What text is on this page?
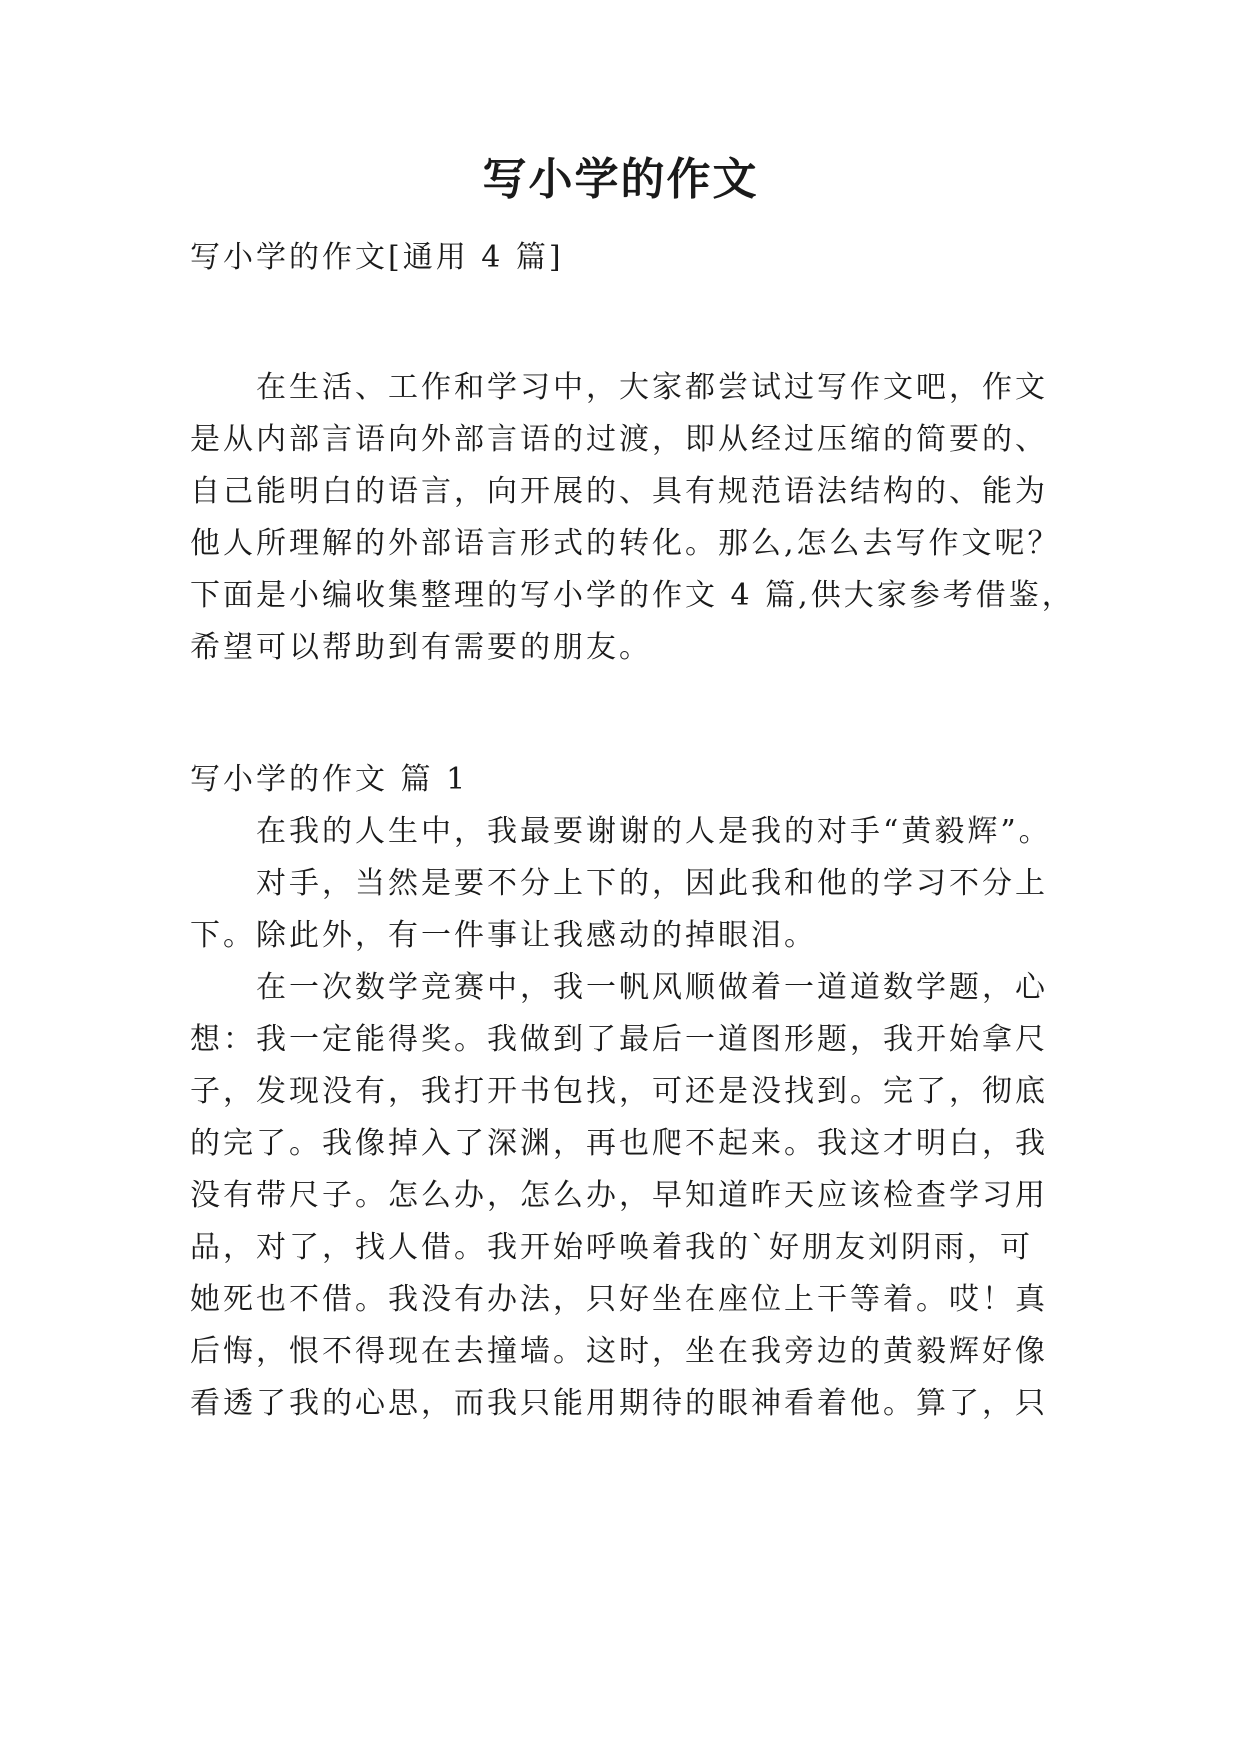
写小学的作文
写小学的作文[通用 4 篇]
在生活、工作和学习中，大家都尝试过写作文吧，作文
是从内部言语向外部言语的过渡，即从经过压缩的简要的、
自己能明白的语言，向开展的、具有规范语法结构的、能为
他人所理解的外部语言形式的转化。那么,怎么去写作文呢？
下面是小编收集整理的写小学的作文 4 篇,供大家参考借鉴，
希望可以帮助到有需要的朋友。
写小学的作文 篇 1
在我的人生中，我最要谢谢的人是我的对手“黄毅辉”。
对手，当然是要不分上下的，因此我和他的学习不分上
下。除此外，有一件事让我感动的掉眼泪。
在一次数学竞赛中，我一帆风顺做着一道道数学题，心
想：我一定能得奖。我做到了最后一道图形题，我开始拿尺
子，发现没有，我打开书包找，可还是没找到。完了，彻底
的完了。我像掉入了深渊，再也爬不起来。我这才明白，我
没有带尺子。怎么办，怎么办，早知道昨天应该检查学习用
品，对了，找人借。我开始呼唤着我的`好朋友刘阴雨，可
她死也不借。我没有办法，只好坐在座位上干等着。哎！真
后悔，恨不得现在去撞墙。这时，坐在我旁边的黄毅辉好像
看透了我的心思，而我只能用期待的眼神看着他。算了，只
